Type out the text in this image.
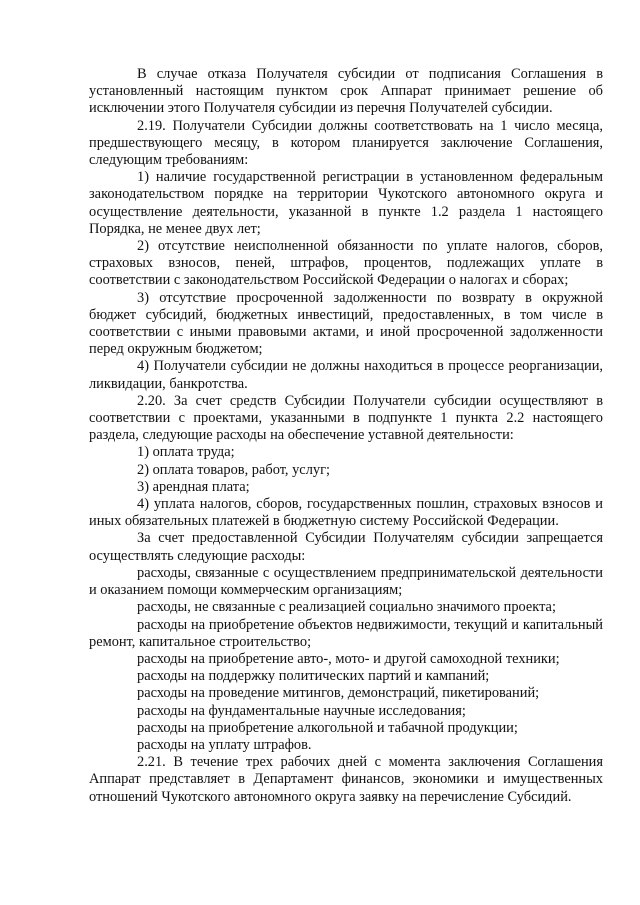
В случае отказа Получателя субсидии от подписания Соглашения в установленный настоящим пунктом срок Аппарат принимает решение об исключении этого Получателя субсидии из перечня Получателей субсидии.

2.19. Получатели Субсидии должны соответствовать на 1 число месяца, предшествующего месяцу, в котором планируется заключение Соглашения, следующим требованиям:

1) наличие государственной регистрации в установленном федеральным законодательством порядке на территории Чукотского автономного округа и осуществление деятельности, указанной в пункте 1.2 раздела 1 настоящего Порядка, не менее двух лет;

2) отсутствие неисполненной обязанности по уплате налогов, сборов, страховых взносов, пеней, штрафов, процентов, подлежащих уплате в соответствии с законодательством Российской Федерации о налогах и сборах;

3) отсутствие просроченной задолженности по возврату в окружной бюджет субсидий, бюджетных инвестиций, предоставленных, в том числе в соответствии с иными правовыми актами, и иной просроченной задолженности перед окружным бюджетом;

4) Получатели субсидии не должны находиться в процессе реорганизации, ликвидации, банкротства.

2.20. За счет средств Субсидии Получатели субсидии осуществляют в соответствии с проектами, указанными в подпункте 1 пункта 2.2 настоящего раздела, следующие расходы на обеспечение уставной деятельности:

1) оплата труда;

2) оплата товаров, работ, услуг;

3) арендная плата;

4) уплата налогов, сборов, государственных пошлин, страховых взносов и иных обязательных платежей в бюджетную систему Российской Федерации.

За счет предоставленной Субсидии Получателям субсидии запрещается осуществлять следующие расходы:

расходы, связанные с осуществлением предпринимательской деятельности и оказанием помощи коммерческим организациям;

расходы, не связанные с реализацией социально значимого проекта;

расходы на приобретение объектов недвижимости, текущий и капитальный ремонт, капитальное строительство;

расходы на приобретение авто-, мото- и другой самоходной техники;

расходы на поддержку политических партий и кампаний;

расходы на проведение митингов, демонстраций, пикетирований;

расходы на фундаментальные научные исследования;

расходы на приобретение алкогольной и табачной продукции;

расходы на уплату штрафов.

2.21. В течение трех рабочих дней с момента заключения Соглашения Аппарат представляет в Департамент финансов, экономики и имущественных отношений Чукотского автономного округа заявку на перечисление Субсидий.
